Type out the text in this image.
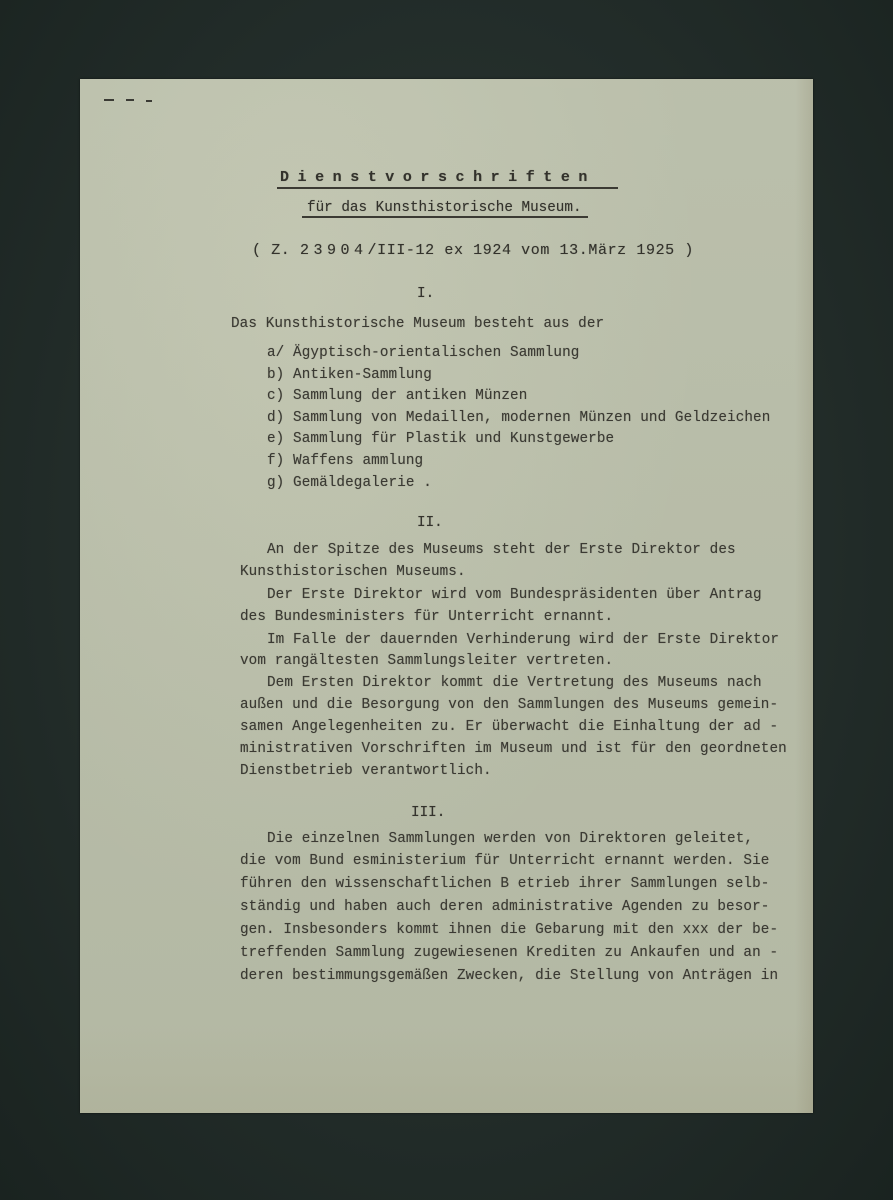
Dienstvorschriften
für das Kunsthistorische Museum.
( Z. 23904/III-12 ex 1924 vom 13.März 1925 )
I.
Das Kunsthistorische Museum besteht aus der
a/ Ägyptisch-orientalischen Sammlung
b) Antiken-Sammlung
c) Sammlung der antiken Münzen
d) Sammlung von Medaillen, modernen Münzen und Geldzeichen
e) Sammlung für Plastik und Kunstgewerbe
f) Waffens ammlung
g) Gemäldegalerie .
II.
An der Spitze des Museums steht der Erste Direktor des
Kunsthistorischen Museums.
Der Erste Direktor wird vom Bundespräsidenten über Antrag
des Bundesministers für Unterricht ernannt.
Im Falle der dauernden Verhinderung wird der Erste Direktor
vom rangältesten Sammlungsleiter vertreten.
Dem Ersten Direktor kommt die Vertretung des Museums nach
außen und die Besorgung von den Sammlungen des Museums gemein-
samen Angelegenheiten zu. Er überwacht die Einhaltung der ad -
ministrativen Vorschriften im Museum und ist für den geordneten
Dienstbetrieb verantwortlich.
III.
Die einzelnen Sammlungen werden von Direktoren geleitet,
die vom Bund esministerium für Unterricht ernannt werden. Sie
führen den wissenschaftlichen B etrieb ihrer Sammlungen selb-
ständig und haben auch deren administrative Agenden zu besor-
gen. Insbesonders kommt ihnen die Gebarung mit den xxx der be-
treffenden Sammlung zugewiesenen Krediten zu Ankaufen und an -
deren bestimmungsgemäßen Zwecken, die Stellung von Anträgen in
